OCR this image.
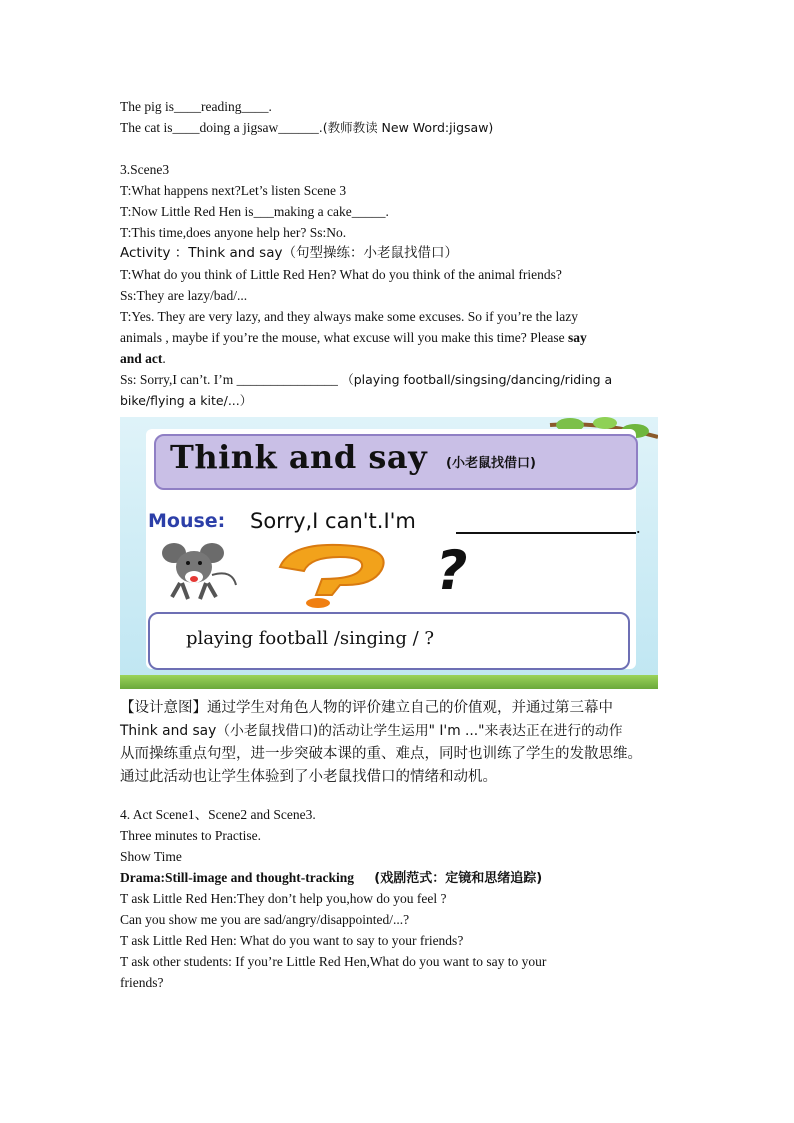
The pig is____reading____.
The cat is____doing a jigsaw______.(教师教读 New Word:jigsaw)
3.Scene3
T:What happens next?Let’s listen Scene 3
T:Now Little Red Hen is___making a cake_____.
T:This time,does anyone help her? Ss:No.
Activity ：Think and say（句型操练：小老鼠找借口）
T:What do you think of Little Red Hen? What do you think of the animal friends?
Ss:They are lazy/bad/...
T:Yes. They are very lazy, and they always make some excuses. So if you’re the lazy
animals , maybe if you’re the mouse, what excuse will you make this time? Please say
and act.
Ss: Sorry,I can’t. I’m _______________ （playing football/singsing/dancing/riding a
bike/flying a kite/...）
Think and say (小老鼠找借口)
Mouse: Sorry,I can't.I'm	.
?
playing football /singing / ?
【设计意图】通过学生对角色人物的评价建立自己的价值观，并通过第三幕中
Think and say（小老鼠找借口)的活动让学生运用" I'm ..."来表达正在进行的动作
从而操练重点句型，进一步突破本课的重、难点，同时也训练了学生的发散思维。
通过此活动也让学生体验到了小老鼠找借口的情绪和动机。
4. Act Scene1、Scene2 and Scene3.
Three minutes to Practise.
Show Time
Drama:Still-image and thought-tracking (戏剧范式：定镜和思绪追踪)
T ask Little Red Hen:They don’t help you,how do you feel ?
Can you show me you are sad/angry/disappointed/...?
T ask Little Red Hen: What do you want to say to your friends?
T ask other students: If you’re Little Red Hen,What do you want to say to your
friends?
